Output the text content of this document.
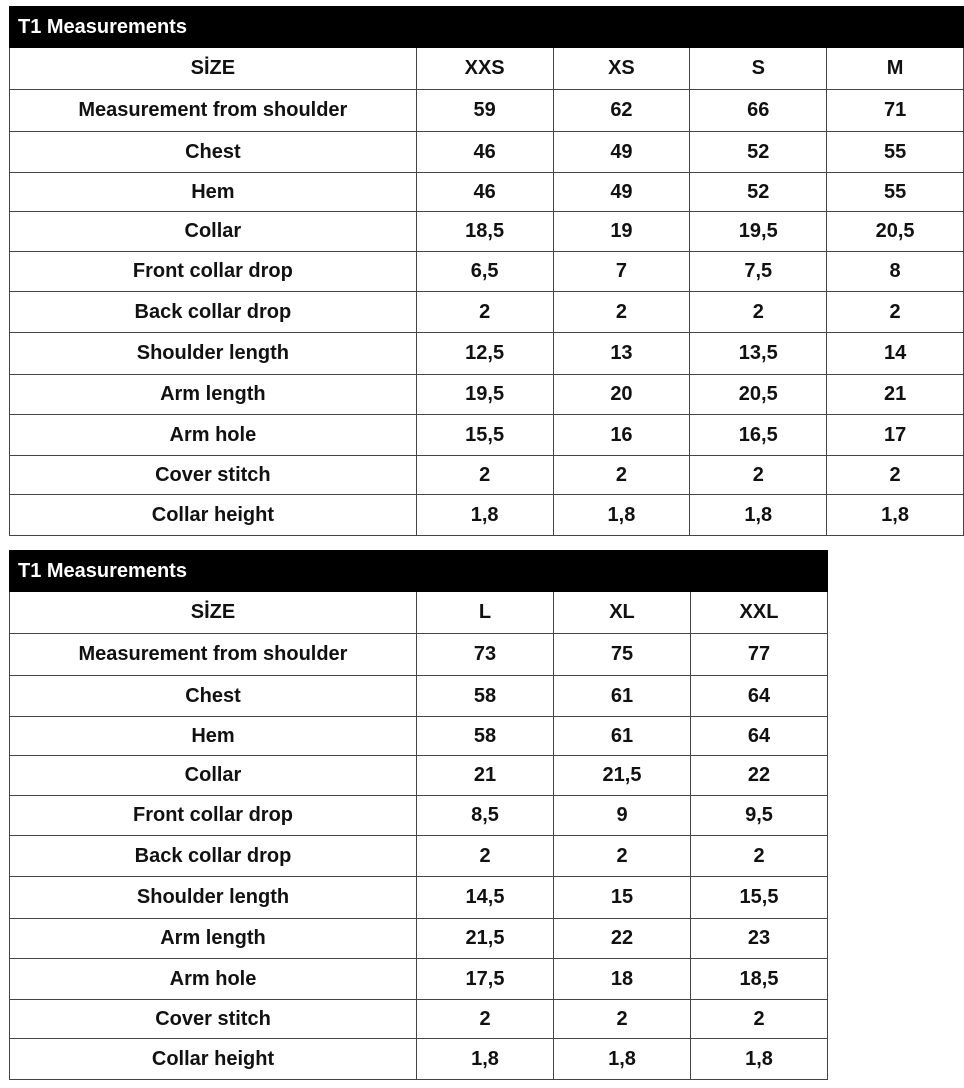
T1 Measurements				
SİZE	XXS	XS	S	M
Measurement from shoulder	59	62	66	71
Chest	46	49	52	55
Hem	46	49	52	55
Collar	18,5	19	19,5	20,5
Front collar drop	6,5	7	7,5	8
Back collar drop	2	2	2	2
Shoulder length	12,5	13	13,5	14
Arm length	19,5	20	20,5	21
Arm hole	15,5	16	16,5	17
Cover stitch	2	2	2	2
Collar height	1,8	1,8	1,8	1,8
T1 Measurements			
SİZE	L	XL	XXL
Measurement from shoulder	73	75	77
Chest	58	61	64
Hem	58	61	64
Collar	21	21,5	22
Front collar drop	8,5	9	9,5
Back collar drop	2	2	2
Shoulder length	14,5	15	15,5
Arm length	21,5	22	23
Arm hole	17,5	18	18,5
Cover stitch	2	2	2
Collar height	1,8	1,8	1,8
